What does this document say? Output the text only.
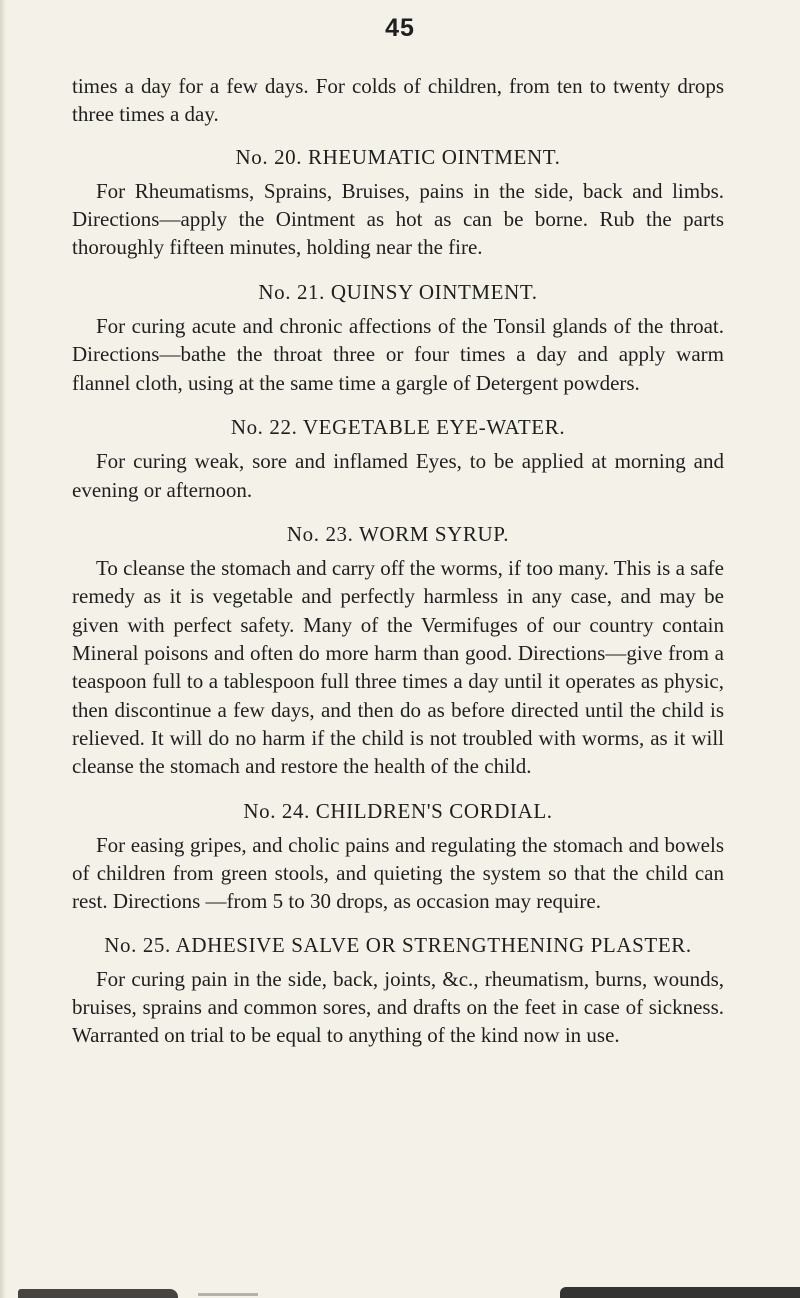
45

times a day for a few days. For colds of children, from ten to twenty drops three times a day.

No. 20. RHEUMATIC OINTMENT.

For Rheumatisms, Sprains, Bruises, pains in the side, back and limbs. Directions—apply the Ointment as hot as can be borne. Rub the parts thoroughly fifteen minutes, holding near the fire.

No. 21. QUINSY OINTMENT.

For curing acute and chronic affections of the Tonsil glands of the throat. Directions—bathe the throat three or four times a day and apply warm flannel cloth, using at the same time a gargle of Detergent powders.

No. 22. VEGETABLE EYE-WATER.

For curing weak, sore and inflamed Eyes, to be applied at morning and evening or afternoon.

No. 23. WORM SYRUP.

To cleanse the stomach and carry off the worms, if too many. This is a safe remedy as it is vegetable and perfectly harmless in any case, and may be given with perfect safety. Many of the Vermifuges of our country contain Mineral poisons and often do more harm than good. Directions—give from a teaspoon full to a tablespoon full three times a day until it operates as physic, then discontinue a few days, and then do as before directed until the child is relieved. It will do no harm if the child is not troubled with worms, as it will cleanse the stomach and restore the health of the child.

No. 24. CHILDREN'S CORDIAL.

For easing gripes, and cholic pains and regulating the stomach and bowels of children from green stools, and quieting the system so that the child can rest. Directions —from 5 to 30 drops, as occasion may require.

No. 25. ADHESIVE SALVE OR STRENGTHENING PLASTER.

For curing pain in the side, back, joints, &c., rheumatism, burns, wounds, bruises, sprains and common sores, and drafts on the feet in case of sickness. Warranted on trial to be equal to anything of the kind now in use.
